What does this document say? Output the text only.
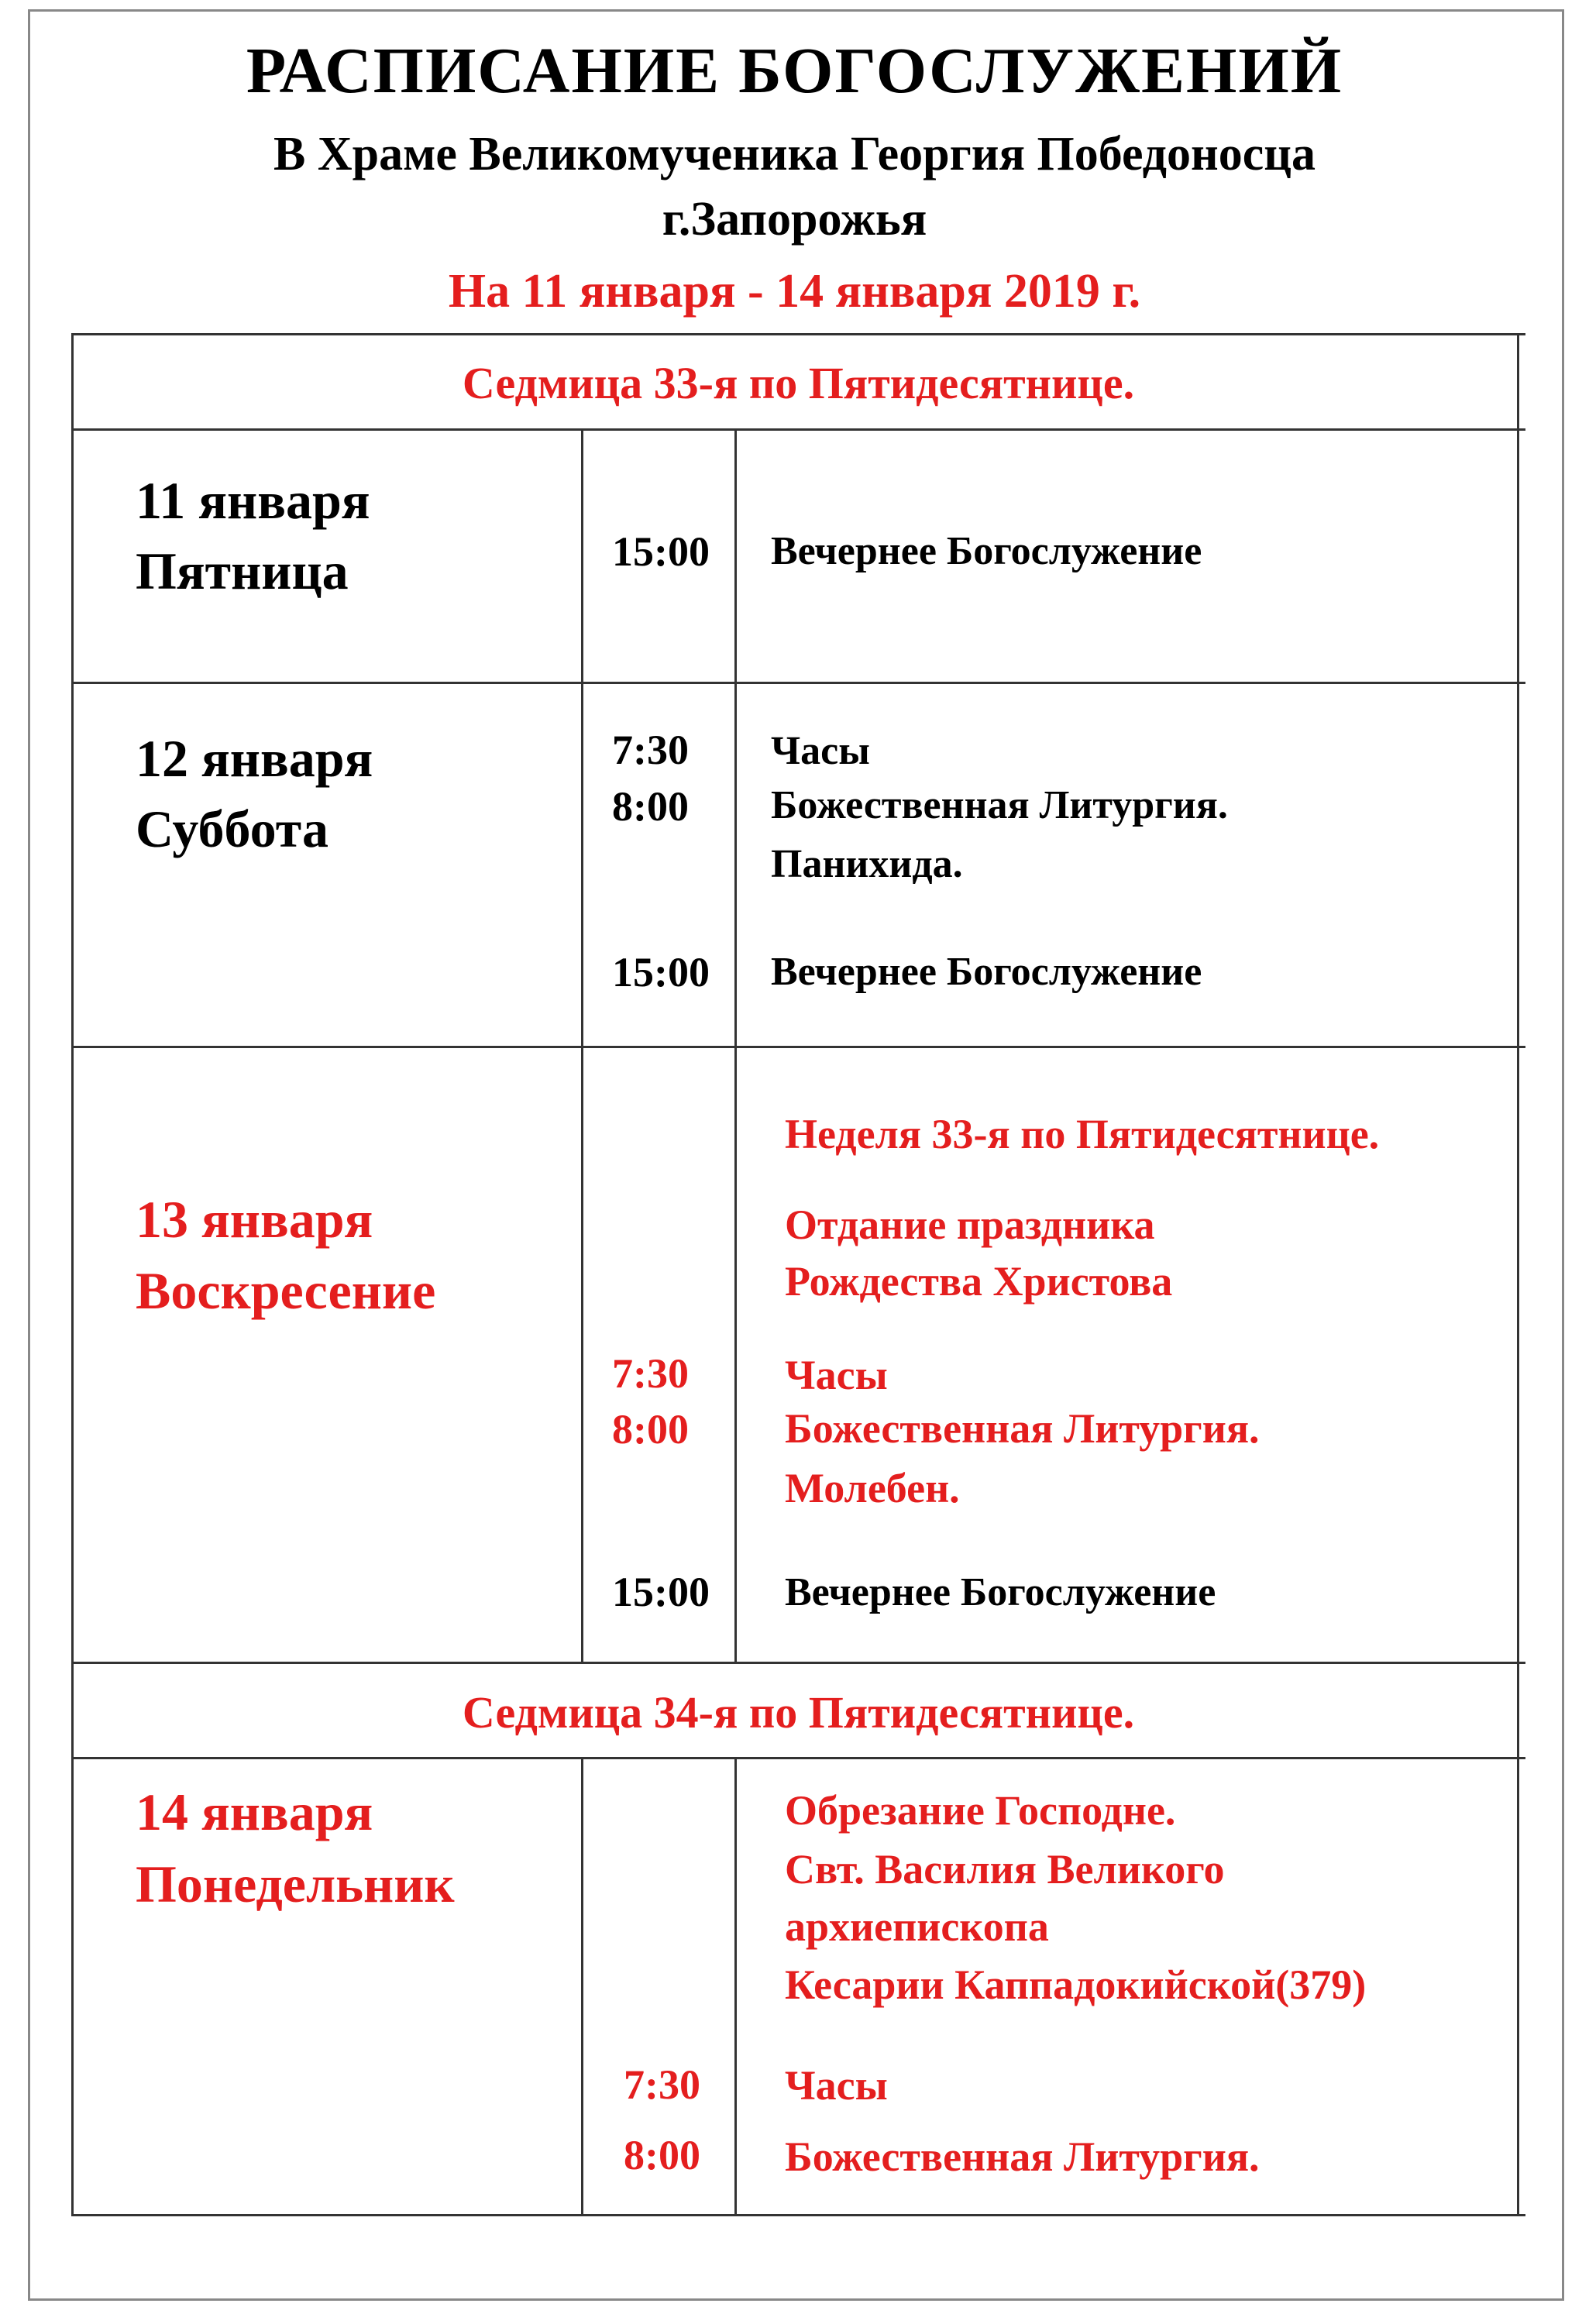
РАСПИСАНИЕ БОГОСЛУЖЕНИЙ
В Храме Великомученика Георгия Победоносца
г.Запорожья
На 11 января - 14 января 2019 г.
Седмица 33-я по Пятидесятнице.
11 января
Пятница	15:00 Вечернее Богослужение
12 января
Суббота
7:30 Часы
8:00 Божественная Литургия.
Панихида.
15:00 Вечернее Богослужение
13 января
Воскресение
Неделя 33-я по Пятидесятнице.
Отдание праздника
Рождества Христова
7:30 Часы
8:00 Божественная Литургия.
Молебен.
15:00 Вечернее Богослужение
Седмица 34-я по Пятидесятнице.
14 января
Понедельник
Обрезание Господне.
Свт. Василия Великого
архиепископа
Кесарии Каппадокийской(379)
7:30 Часы
8:00 Божественная Литургия.
